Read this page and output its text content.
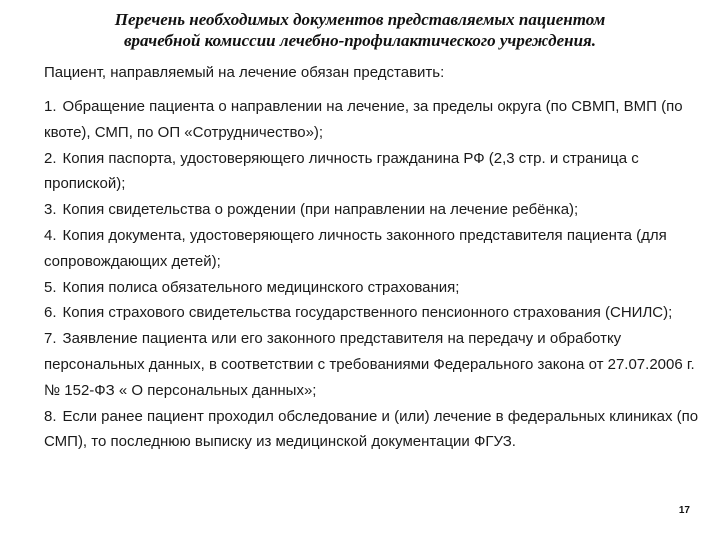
Перечень необходимых документов представляемых пациентом
врачебной комиссии лечебно-профилактического учреждения.
Пациент, направляемый на лечение обязан представить:
1. Обращение пациента о направлении на лечение, за пределы округа (по СВМП, ВМП (по квоте), СМП, по ОП «Сотрудничество»);
2. Копия паспорта, удостоверяющего личность гражданина РФ (2,3 стр. и страница с пропиской);
3. Копия свидетельства о рождении (при направлении на лечение ребёнка);
4. Копия документа, удостоверяющего личность законного представителя пациента (для сопровождающих детей);
5. Копия полиса обязательного медицинского страхования;
6. Копия страхового свидетельства государственного пенсионного страхования (СНИЛС);
7. Заявление пациента или его законного представителя на передачу и обработку персональных данных, в соответствии с требованиями Федерального закона от 27.07.2006 г. № 152-ФЗ « О персональных данных»;
8. Если ранее пациент проходил обследование и (или) лечение в федеральных клиниках (по СМП), то последнюю выписку из медицинской документации ФГУЗ.
17
